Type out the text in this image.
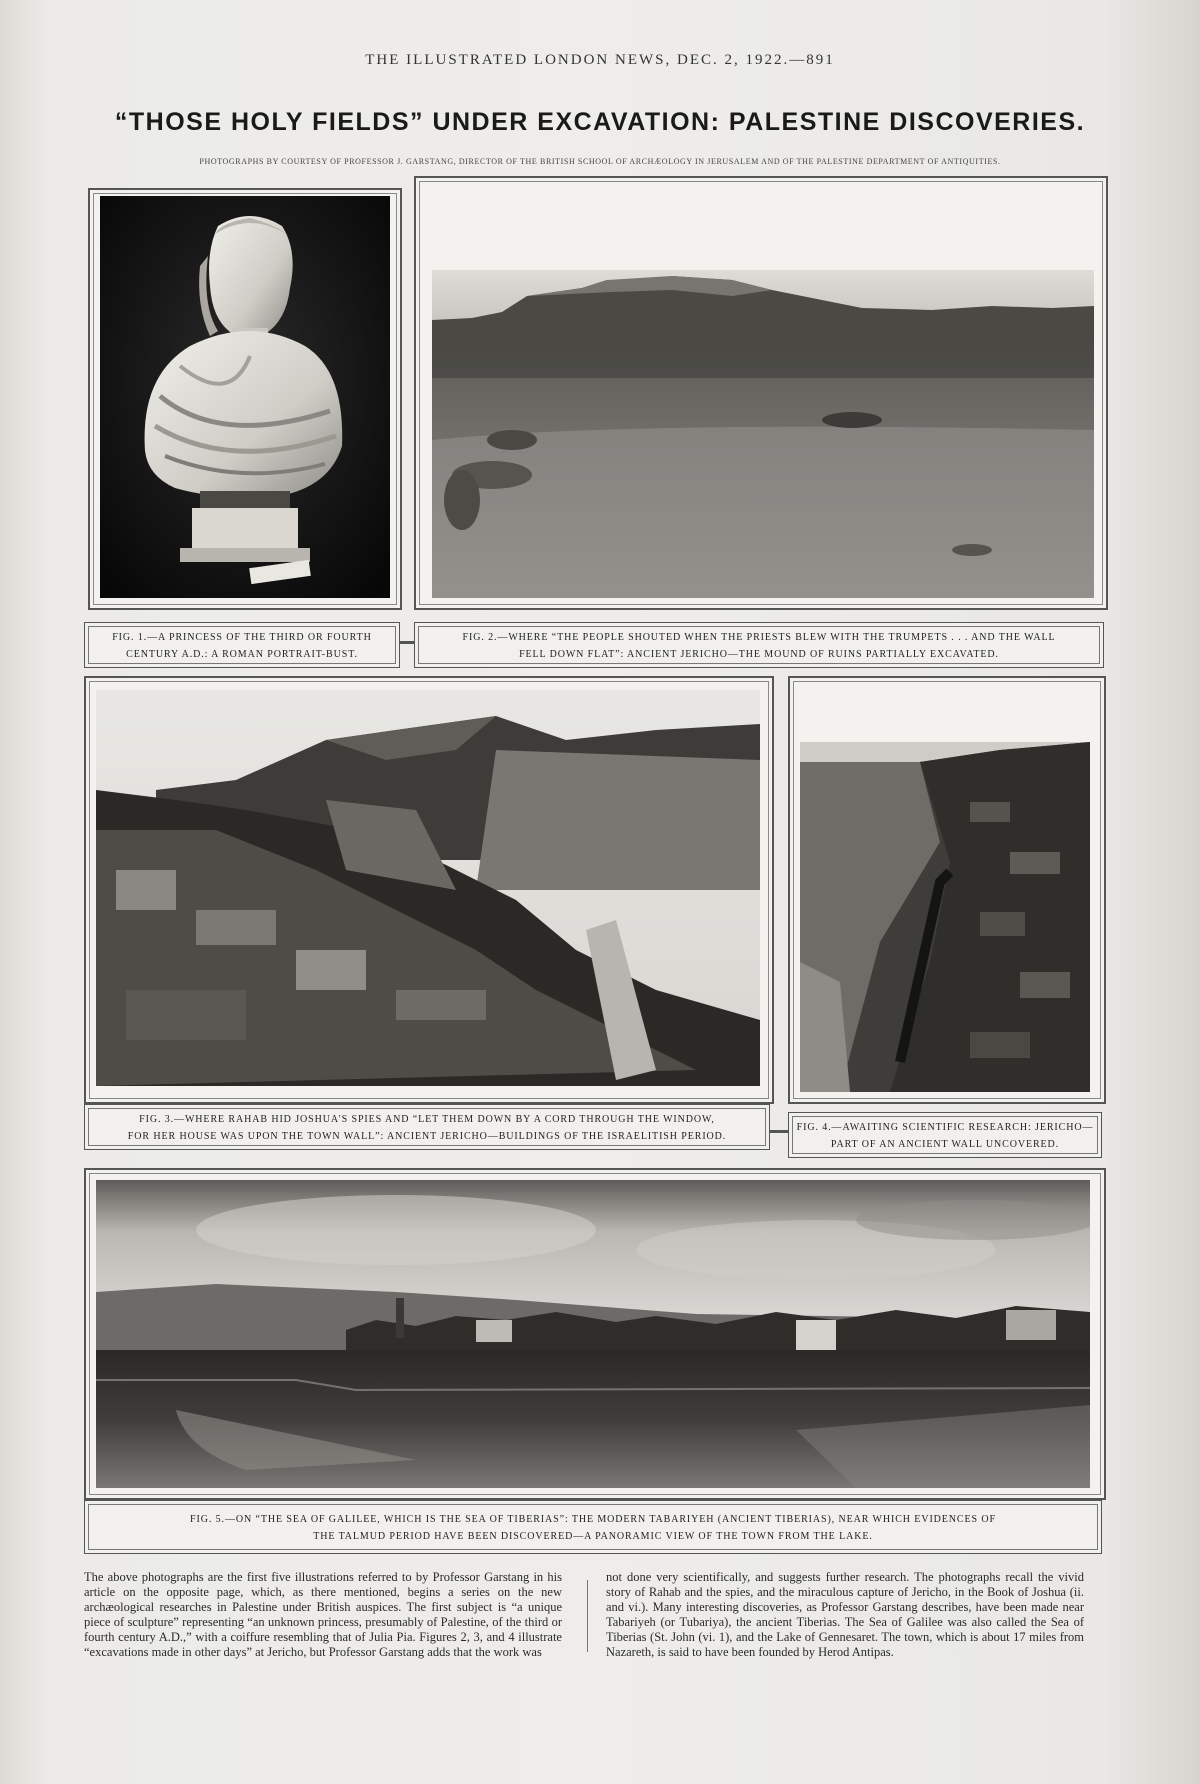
THE ILLUSTRATED LONDON NEWS, DEC. 2, 1922.—891
“THOSE HOLY FIELDS” UNDER EXCAVATION: PALESTINE DISCOVERIES.
PHOTOGRAPHS BY COURTESY OF PROFESSOR J. GARSTANG, DIRECTOR OF THE BRITISH SCHOOL OF ARCHÆOLOGY IN JERUSALEM AND OF THE PALESTINE DEPARTMENT OF ANTIQUITIES.
FIG. 1.—A PRINCESS OF THE THIRD OR FOURTH
CENTURY A.D.: A ROMAN PORTRAIT-BUST.
FIG. 2.—WHERE “THE PEOPLE SHOUTED WHEN THE PRIESTS BLEW WITH THE TRUMPETS . . . AND THE WALL
FELL DOWN FLAT”: ANCIENT JERICHO—THE MOUND OF RUINS PARTIALLY EXCAVATED.
FIG. 3.—WHERE RAHAB HID JOSHUA'S SPIES AND “LET THEM DOWN BY A CORD THROUGH THE WINDOW,
FOR HER HOUSE WAS UPON THE TOWN WALL”: ANCIENT JERICHO—BUILDINGS OF THE ISRAELITISH PERIOD.
FIG. 4.—AWAITING SCIENTIFIC RESEARCH: JERICHO—
PART OF AN ANCIENT WALL UNCOVERED.
FIG. 5.—ON “THE SEA OF GALILEE, WHICH IS THE SEA OF TIBERIAS”: THE MODERN TABARIYEH (ANCIENT TIBERIAS), NEAR WHICH EVIDENCES OF
THE TALMUD PERIOD HAVE BEEN DISCOVERED—A PANORAMIC VIEW OF THE TOWN FROM THE LAKE.
The above photographs are the first five illustrations referred to by Professor Garstang in his article on the opposite page, which, as there mentioned, begins a series on the new archæological researches in Palestine under British auspices. The first subject is “a unique piece of sculpture” representing “an unknown princess, presumably of Palestine, of the third or fourth century A.D.,” with a coiffure resembling that of Julia Pia. Figures 2, 3, and 4 illustrate “excavations made in other days” at Jericho, but Professor Garstang adds that the work was
not done very scientifically, and suggests further research. The photographs recall the vivid story of Rahab and the spies, and the miraculous capture of Jericho, in the Book of Joshua (ii. and vi.). Many interesting discoveries, as Professor Garstang describes, have been made near Tabariyeh (or Tubariya), the ancient Tiberias. The Sea of Galilee was also called the Sea of Tiberias (St. John (vi. 1), and the Lake of Gennesaret. The town, which is about 17 miles from Nazareth, is said to have been founded by Herod Antipas.
